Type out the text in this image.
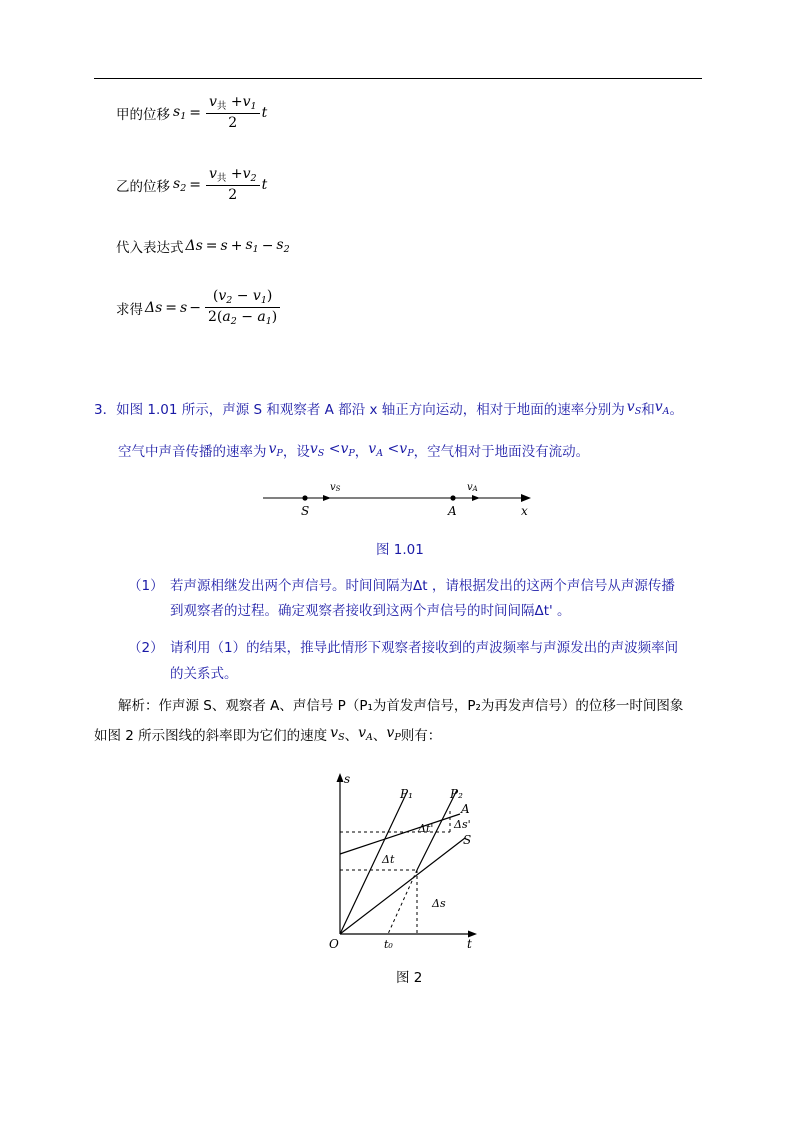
甲的位移 $s_1 = \frac{v_共 +v_1}{2}$ t
乙的位移 $s_2 = \frac{v_共 +v_2}{2}$ t
代入表达式 $\Delta s = s + s_1 - s_2$
求得 $\Delta s = s - \frac{(v_2 - v_1)}{2(a_2 - a_1)}$
3． 如图 1.01 所示，声源 S 和观察者 A 都沿 x 轴正方向运动，相对于地面的速率分别为 $v_S$ 和 $v_A$ 。
空气中声音传播的速率为 $v_P$ ，设 $v_S <v_P$ ， $v_A <v_P$ ，空气相对于地面没有流动。
S	A	x
vS	vA
图 1.01
（1） 若声源相继发出两个声信号。时间间隔为Δt ，请根据发出的这两个声信号从声源传播
到观察者的过程。确定观察者接收到这两个声信号的时间间隔Δt' 。
（2） 请利用（1）的结果，推导此情形下观察者接收到的声波频率与声源发出的声波频率间
的关系式。
解析：作声源 S、观察者 A、声信号 P（P₁为首发声信号，P₂为再发声信号）的位移一时间图象
如图 2 所示图线的斜率即为它们的速度 $v_S$ 、 $v_A$ 、 $v_P$ 则有：
s
t
O	t₀
P₁	P₂
A
S
Δt' Δs'
Δt
Δs
图 2
